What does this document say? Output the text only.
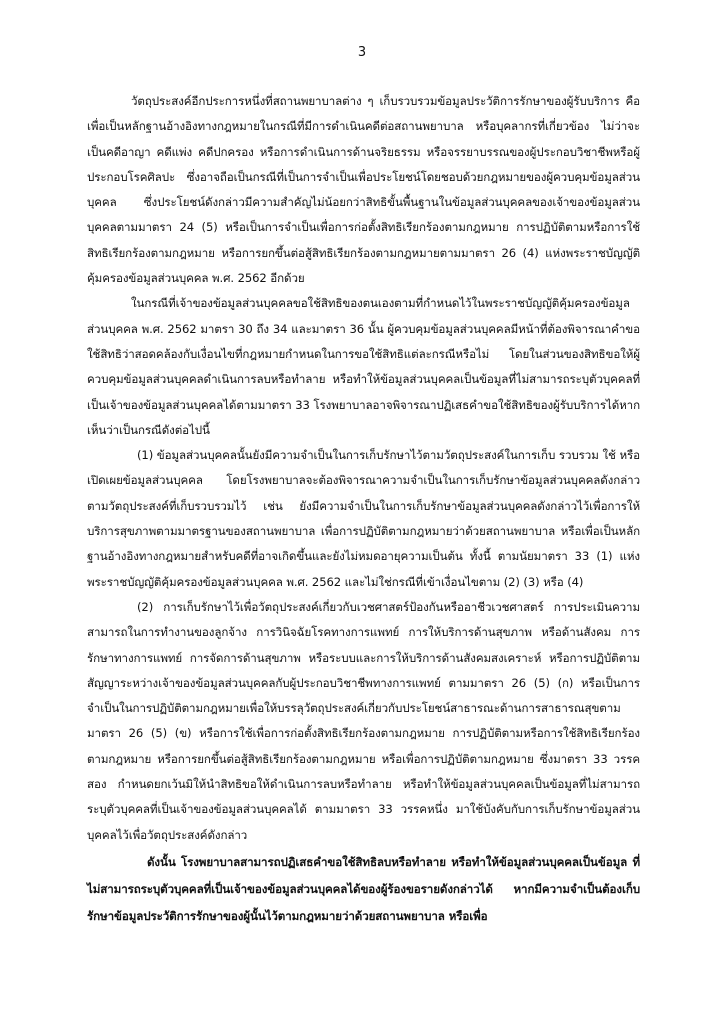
3

วัตถุประสงค์อีกประการหนึ่งที่สถานพยาบาลต่าง ๆ เก็บรวบรวมข้อมูลประวัติการรักษาของผู้รับบริการ คือ เพื่อเป็นหลักฐานอ้างอิงทางกฎหมายในกรณีที่มีการดำเนินคดีต่อสถานพยาบาล หรือบุคลากรที่เกี่ยวข้อง ไม่ว่าจะเป็นคดีอาญา คดีแพ่ง คดีปกครอง หรือการดำเนินการด้านจริยธรรม หรือจรรยาบรรณของผู้ประกอบวิชาชีพหรือผู้ประกอบโรคศิลปะ ซึ่งอาจถือเป็นกรณีที่เป็นการจำเป็นเพื่อประโยชน์โดยชอบด้วยกฎหมายของผู้ควบคุมข้อมูลส่วนบุคคล ซึ่งประโยชน์ดังกล่าวมีความสำคัญไม่น้อยกว่าสิทธิขั้นพื้นฐานในข้อมูลส่วนบุคคลของเจ้าของข้อมูลส่วนบุคคลตามมาตรา 24 (5) หรือเป็นการจำเป็นเพื่อการก่อตั้งสิทธิเรียกร้องตามกฎหมาย การปฏิบัติตามหรือการใช้สิทธิเรียกร้องตามกฎหมาย หรือการยกขึ้นต่อสู้สิทธิเรียกร้องตามกฎหมายตามมาตรา 26 (4) แห่งพระราชบัญญัติคุ้มครองข้อมูลส่วนบุคคล พ.ศ. 2562 อีกด้วย

ในกรณีที่เจ้าของข้อมูลส่วนบุคคลขอใช้สิทธิของตนเองตามที่กำหนดไว้ในพระราชบัญญัติคุ้มครองข้อมูลส่วนบุคคล พ.ศ. 2562 มาตรา 30 ถึง 34 และมาตรา 36 นั้น ผู้ควบคุมข้อมูลส่วนบุคคลมีหน้าที่ต้องพิจารณาคำขอใช้สิทธิว่าสอดคล้องกับเงื่อนไขที่กฎหมายกำหนดในการขอใช้สิทธิแต่ละกรณีหรือไม่ โดยในส่วนของสิทธิขอให้ผู้ควบคุมข้อมูลส่วนบุคคลดำเนินการลบหรือทำลาย หรือทำให้ข้อมูลส่วนบุคคลเป็นข้อมูลที่ไม่สามารถระบุตัวบุคคลที่เป็นเจ้าของข้อมูลส่วนบุคคลได้ตามมาตรา 33 โรงพยาบาลอาจพิจารณาปฏิเสธคำขอใช้สิทธิของผู้รับบริการได้หากเห็นว่าเป็นกรณีดังต่อไปนี้

(1) ข้อมูลส่วนบุคคลนั้นยังมีความจำเป็นในการเก็บรักษาไว้ตามวัตถุประสงค์ในการเก็บ รวบรวม ใช้ หรือเปิดเผยข้อมูลส่วนบุคคล โดยโรงพยาบาลจะต้องพิจารณาความจำเป็นในการเก็บรักษาข้อมูลส่วนบุคคลดังกล่าวตามวัตถุประสงค์ที่เก็บรวบรวมไว้ เช่น ยังมีความจำเป็นในการเก็บรักษาข้อมูลส่วนบุคคลดังกล่าวไว้เพื่อการให้บริการสุขภาพตามมาตรฐานของสถานพยาบาล เพื่อการปฏิบัติตามกฎหมายว่าด้วยสถานพยาบาล หรือเพื่อเป็นหลักฐานอ้างอิงทางกฎหมายสำหรับคดีที่อาจเกิดขึ้นและยังไม่หมดอายุความเป็นต้น ทั้งนี้ ตามนัยมาตรา 33 (1) แห่งพระราชบัญญัติคุ้มครองข้อมูลส่วนบุคคล พ.ศ. 2562 และไม่ใช่กรณีที่เข้าเงื่อนไขตาม (2) (3) หรือ (4)

(2) การเก็บรักษาไว้เพื่อวัตถุประสงค์เกี่ยวกับเวชศาสตร์ป้องกันหรืออาชีวเวชศาสตร์ การประเมินความสามารถในการทำงานของลูกจ้าง การวินิจฉัยโรคทางการแพทย์ การให้บริการด้านสุขภาพ หรือด้านสังคม การรักษาทางการแพทย์ การจัดการด้านสุขภาพ หรือระบบและการให้บริการด้านสังคมสงเคราะห์ หรือการปฏิบัติตามสัญญาระหว่างเจ้าของข้อมูลส่วนบุคคลกับผู้ประกอบวิชาชีพทางการแพทย์ ตามมาตรา 26 (5) (ก) หรือเป็นการจำเป็นในการปฏิบัติตามกฎหมายเพื่อให้บรรลุวัตถุประสงค์เกี่ยวกับประโยชน์สาธารณะด้านการสาธารณสุขตามมาตรา 26 (5) (ข) หรือการใช้เพื่อการก่อตั้งสิทธิเรียกร้องตามกฎหมาย การปฏิบัติตามหรือการใช้สิทธิเรียกร้องตามกฎหมาย หรือการยกขึ้นต่อสู้สิทธิเรียกร้องตามกฎหมาย หรือเพื่อการปฏิบัติตามกฎหมาย ซึ่งมาตรา 33 วรรคสอง กำหนดยกเว้นมิให้นำสิทธิขอให้ดำเนินการลบหรือทำลาย หรือทำให้ข้อมูลส่วนบุคคลเป็นข้อมูลที่ไม่สามารถระบุตัวบุคคลที่เป็นเจ้าของข้อมูลส่วนบุคคลได้ ตามมาตรา 33 วรรคหนึ่ง มาใช้บังคับกับการเก็บรักษาข้อมูลส่วนบุคคลไว้เพื่อวัตถุประสงค์ดังกล่าว

ดังนั้น โรงพยาบาลสามารถปฏิเสธคำขอใช้สิทธิลบหรือทำลาย หรือทำให้ข้อมูลส่วนบุคคลเป็นข้อมูล ที่ไม่สามารถระบุตัวบุคคลที่เป็นเจ้าของข้อมูลส่วนบุคคลได้ของผู้ร้องขอรายดังกล่าวได้ หากมีความจำเป็นต้องเก็บรักษาข้อมูลประวัติการรักษาของผู้นั้นไว้ตามกฎหมายว่าด้วยสถานพยาบาล หรือเพื่อ
